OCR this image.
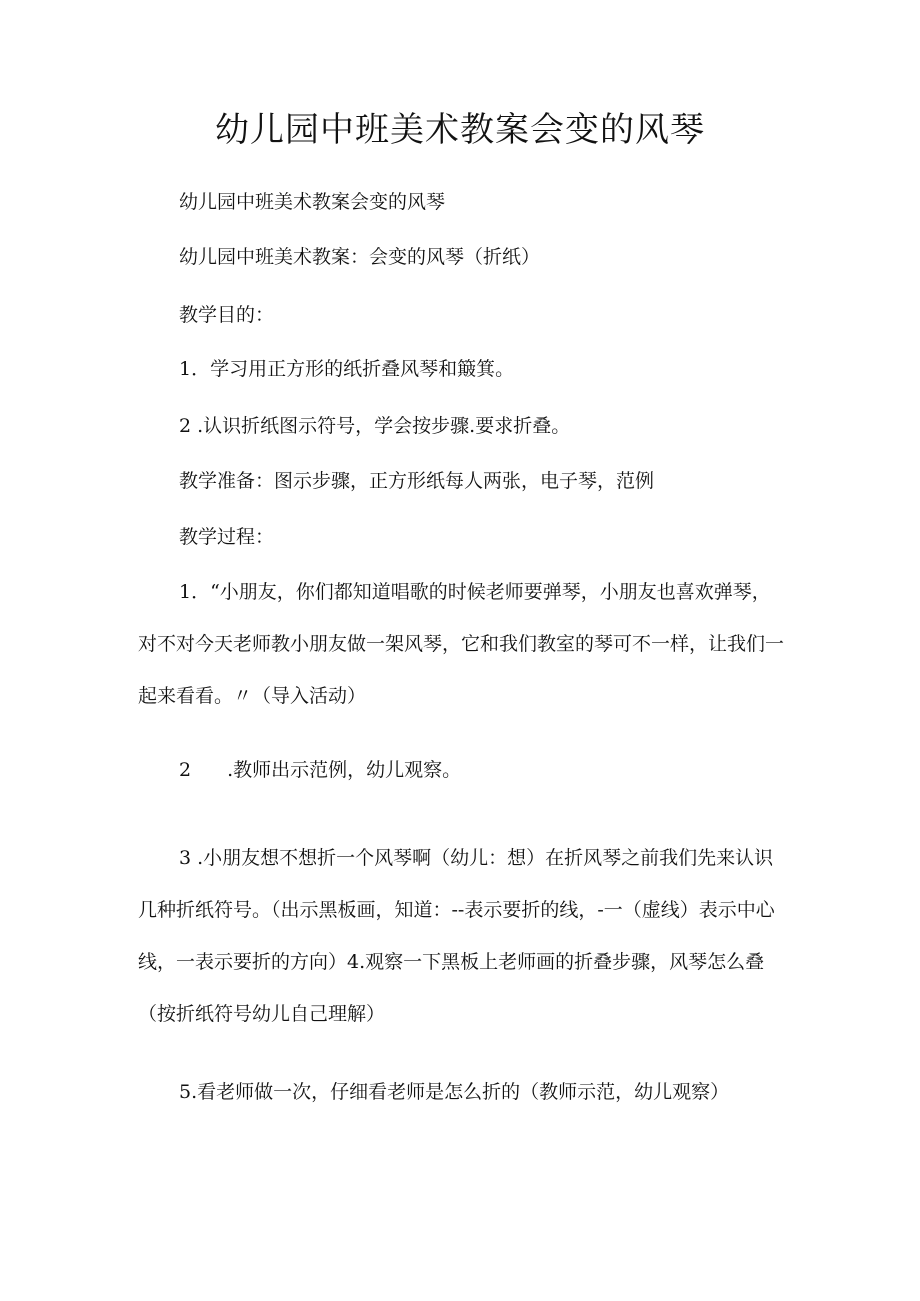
幼儿园中班美术教案会变的风琴
幼儿园中班美术教案会变的风琴
幼儿园中班美术教案：会变的风琴（折纸）
教学目的：
1．学习用正方形的纸折叠风琴和簸箕。
2 .认识折纸图示符号，学会按步骤.要求折叠。
教学准备：图示步骤，正方形纸每人两张，电子琴，范例
教学过程：
1．“小朋友，你们都知道唱歌的时候老师要弹琴，小朋友也喜欢弹琴，对不对今天老师教小朋友做一架风琴，它和我们教室的琴可不一样，让我们一起来看看。〃（导入活动）
2 .教师出示范例，幼儿观察。
3 .小朋友想不想折一个风琴啊（幼儿：想）在折风琴之前我们先来认识几种折纸符号。（出示黑板画，知道：--表示要折的线，-一（虚线）表示中心线，一表示要折的方向）4.观察一下黑板上老师画的折叠步骤，风琴怎么叠（按折纸符号幼儿自己理解）
5.看老师做一次，仔细看老师是怎么折的（教师示范，幼儿观察）
